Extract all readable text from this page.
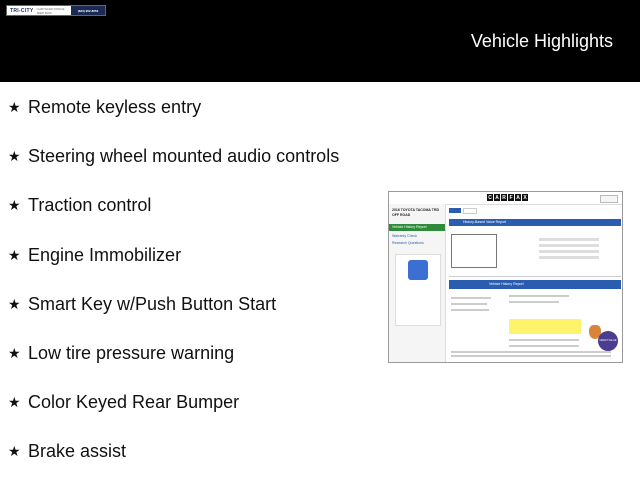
TRI-CITY	CHRYSLER DODGE JEEP RAM	(833) 952-8052
Vehicle Highlights
★ Remote keyless entry
★ Steering wheel mounted audio controls
★ Traction control
★ Engine Immobilizer
★ Smart Key w/Push Button Start
★ Low tire pressure warning
★ Color Keyed Rear Bumper
★ Brake assist
C A R F A X
2016 TOYOTA TACOMA TRD OFF ROAD
Vehicle History Report
Warranty Check
Research Questions
History-Based Value Report
Vehicle History Report
GREAT VALUE
